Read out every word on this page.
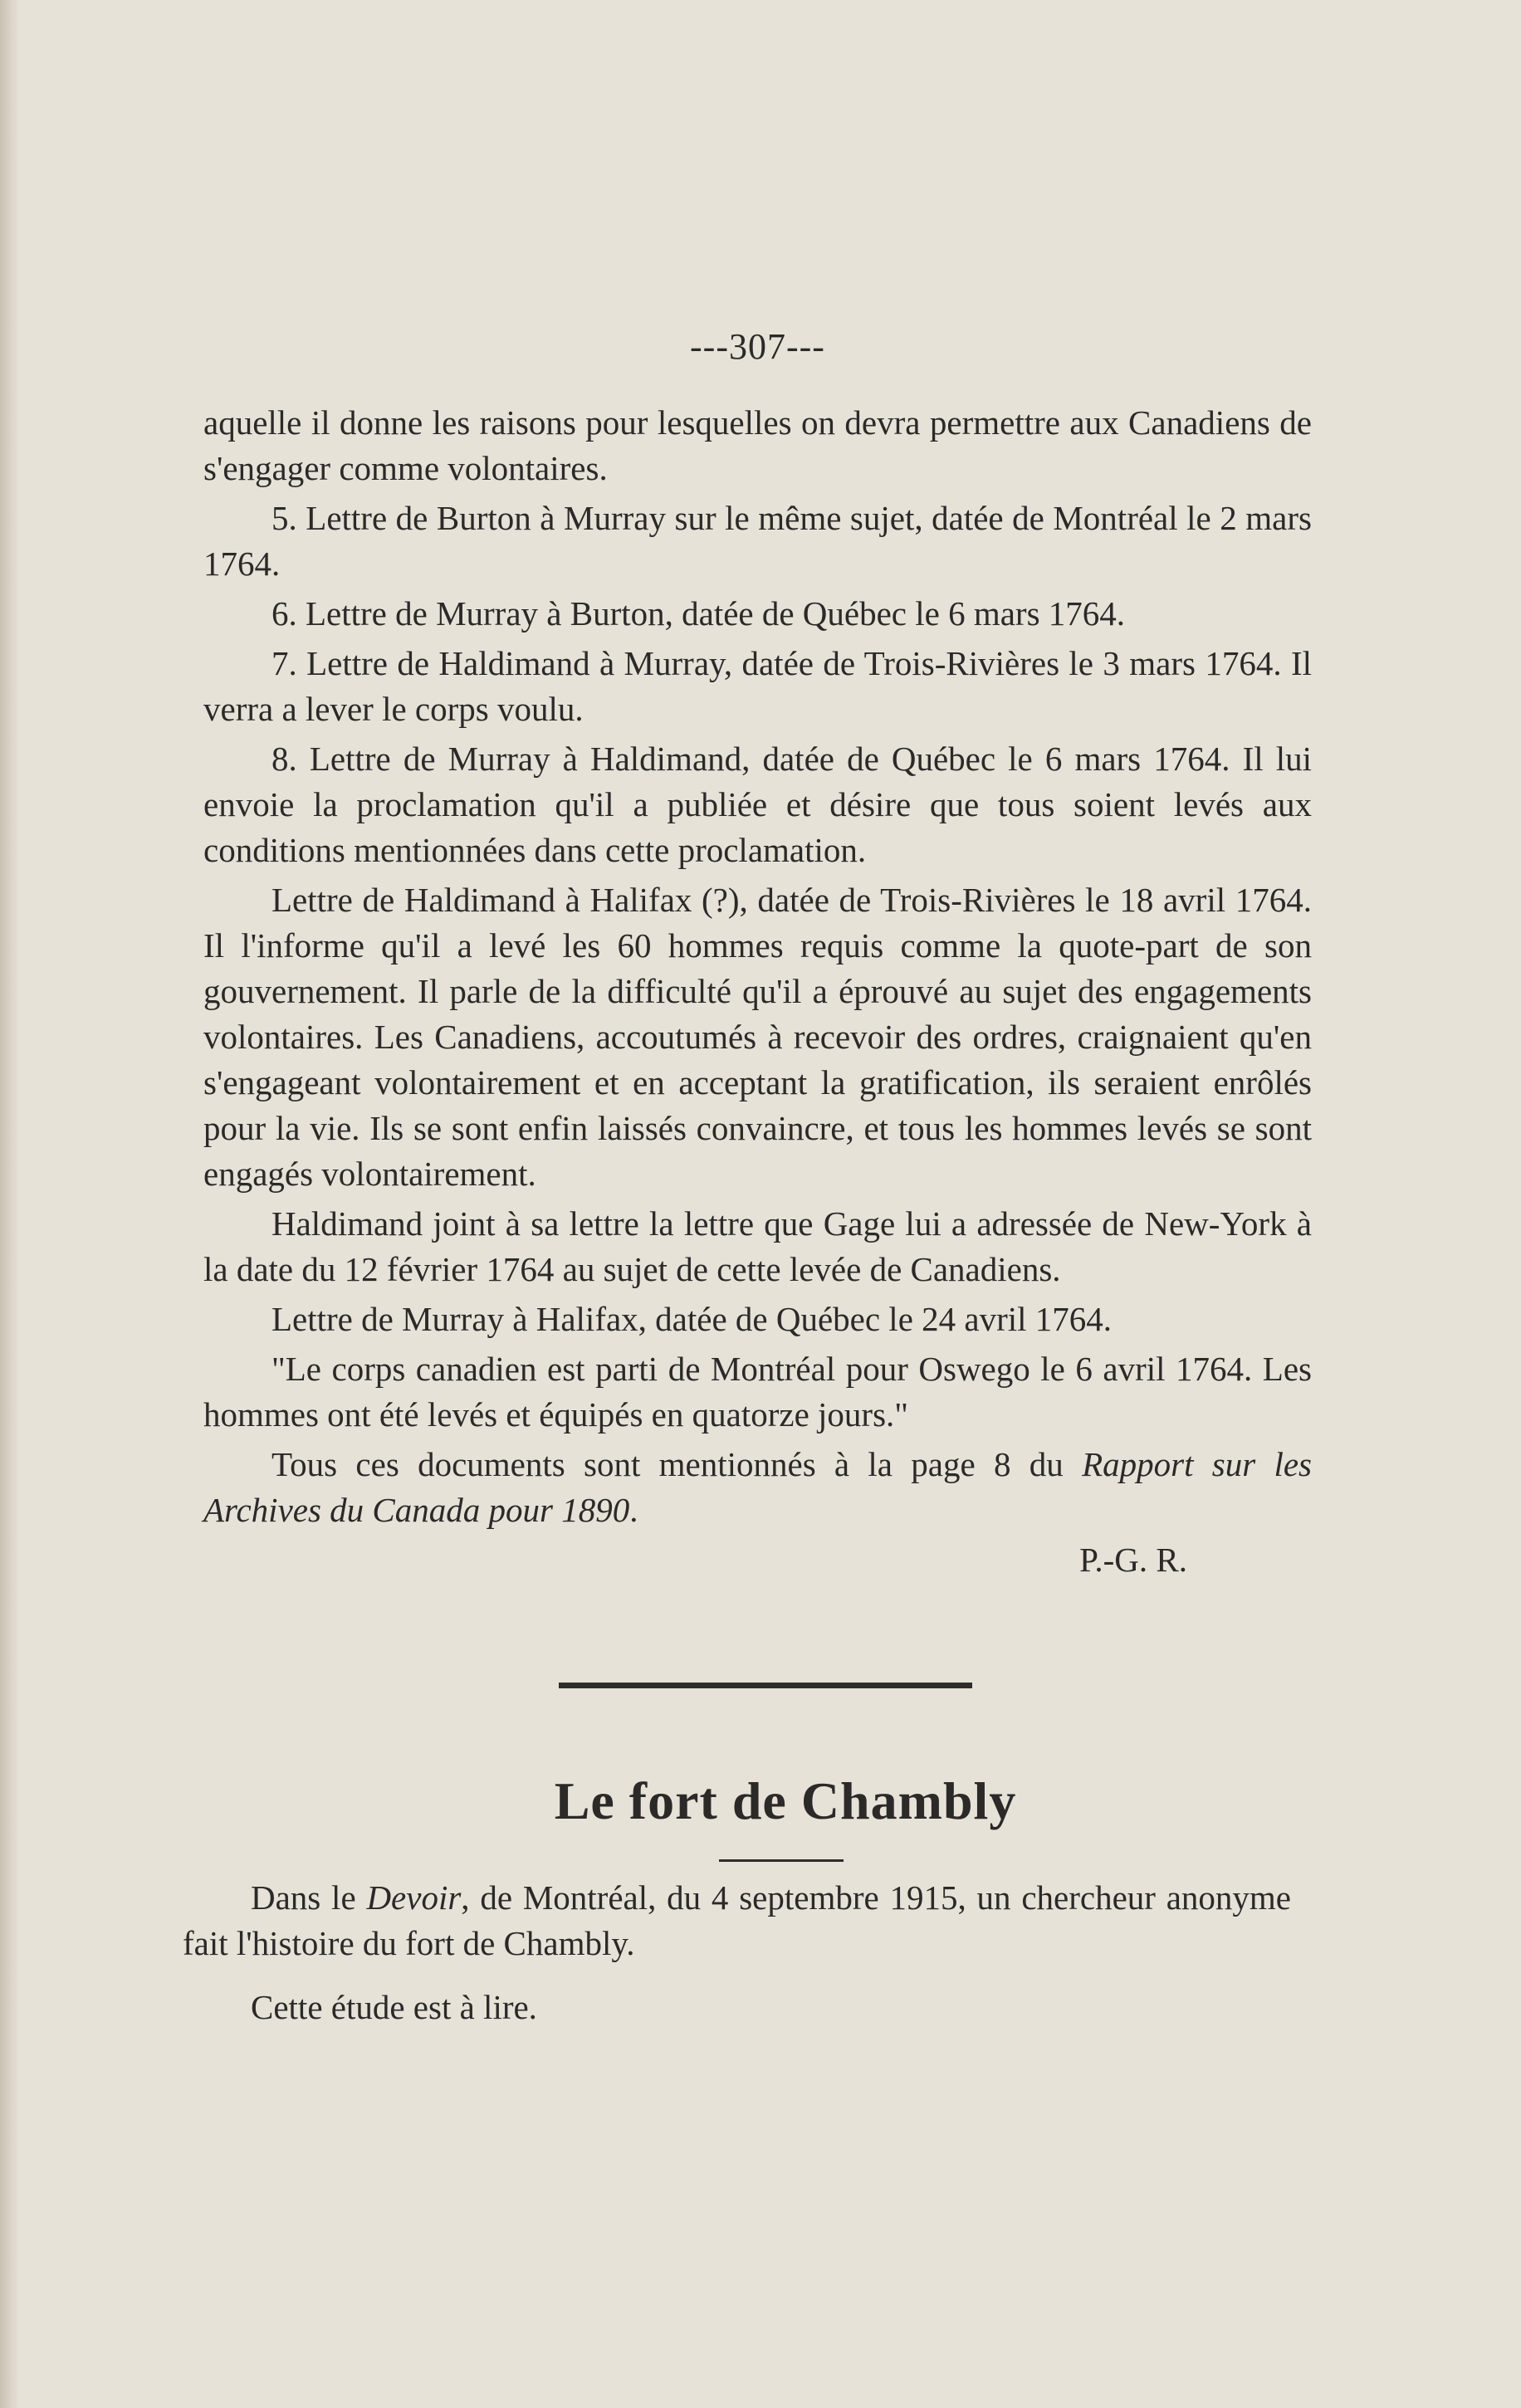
---307---

aquelle il donne les raisons pour lesquelles on devra permettre aux Canadiens de s'engager comme volontaires.

5. Lettre de Burton à Murray sur le même sujet, datée de Montréal le 2 mars 1764.

6. Lettre de Murray à Burton, datée de Québec le 6 mars 1764.

7. Lettre de Haldimand à Murray, datée de Trois-Rivières le 3 mars 1764. Il verra a lever le corps voulu.

8. Lettre de Murray à Haldimand, datée de Québec le 6 mars 1764. Il lui envoie la proclamation qu'il a publiée et désire que tous soient levés aux conditions mentionnées dans cette proclamation.

Lettre de Haldimand à Halifax (?), datée de Trois-Rivières le 18 avril 1764. Il l'informe qu'il a levé les 60 hommes requis comme la quote-part de son gouvernement. Il parle de la difficulté qu'il a éprouvé au sujet des engagements volontaires. Les Canadiens, accoutumés à recevoir des ordres, craignaient qu'en s'engageant volontairement et en acceptant la gratification, ils seraient enrôlés pour la vie. Ils se sont enfin laissés convaincre, et tous les hommes levés se sont engagés volontairement.

Haldimand joint à sa lettre la lettre que Gage lui a adressée de New-York à la date du 12 février 1764 au sujet de cette levée de Canadiens.

Lettre de Murray à Halifax, datée de Québec le 24 avril 1764.

"Le corps canadien est parti de Montréal pour Oswego le 6 avril 1764. Les hommes ont été levés et équipés en quatorze jours."

Tous ces documents sont mentionnés à la page 8 du Rapport sur les Archives du Canada pour 1890.

P.-G. R.

Le fort de Chambly

Dans le Devoir, de Montréal, du 4 septembre 1915, un chercheur anonyme fait l'histoire du fort de Chambly.

Cette étude est à lire.
